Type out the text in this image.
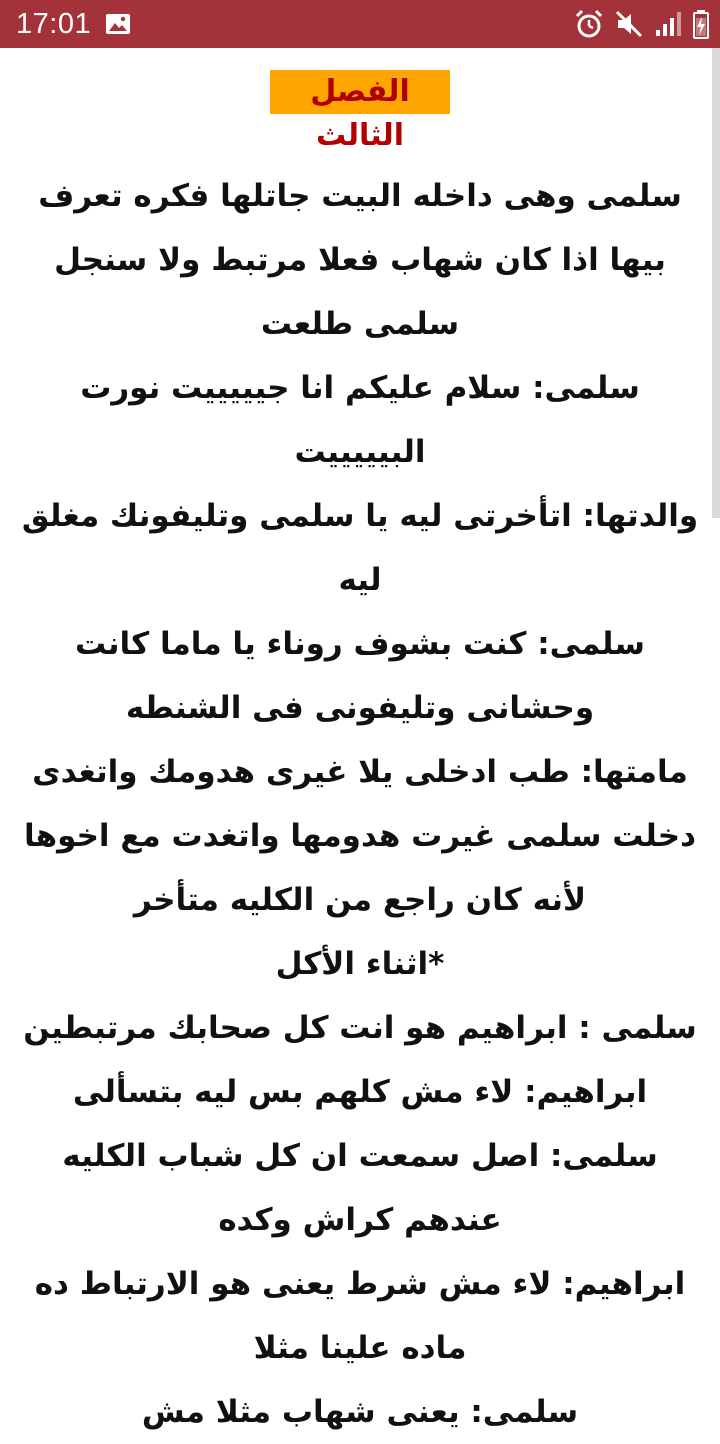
17:01
الفصل الثالث

سلمى وهى داخله البيت جاتلها فكره تعرف بيها اذا كان شهاب فعلا مرتبط ولا سنجل

سلمى طلعت

سلمى: سلام عليكم انا جيييييت نورت البيييييت

والدتها: اتأخرتى ليه يا سلمى وتليفونك مغلق ليه

سلمى: كنت بشوف روناء يا ماما كانت وحشانى وتليفونى فى الشنطه

مامتها: طب ادخلى يلا غيرى هدومك واتغدى

دخلت سلمى غيرت هدومها واتغدت مع اخوها لأنه كان راجع من الكليه متأخر

*اثناء الأكل

سلمى : ابراهيم هو انت كل صحابك مرتبطين

ابراهيم: لاء مش كلهم بس ليه بتسألى

سلمى: اصل سمعت ان كل شباب الكليه عندهم كراش وكده

ابراهيم: لاء مش شرط يعنى هو الارتباط ده ماده علينا مثلا

سلمى: يعنى شهاب مثلا مش
